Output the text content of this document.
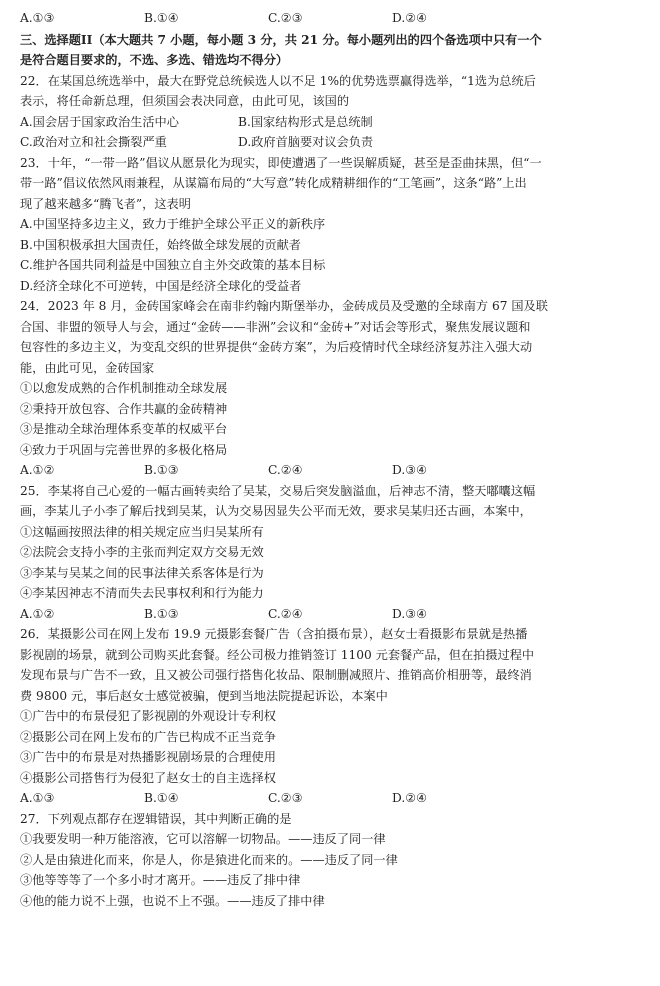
A.①③	B.①④	C.②③	D.②④
三、选择题II（本大题共 7 小题，每小题 3 分，共 21 分。每小题列出的四个备选项中只有一个
是符合题目要求的，不选、多选、错选均不得分）
22．在某国总统选举中，最大在野党总统候选人以不足 1%的优势选票赢得选举，“1选为总统后
表示，将任命新总理，但须国会表决同意，由此可见，该国的
A.国会居于国家政治生活中心	B.国家结构形式是总统制
C.政治对立和社会撕裂严重	D.政府首脑要对议会负责
23．十年，“一带一路”倡议从愿景化为现实，即使遭遇了一些误解质疑，甚至是歪曲抹黑，但“一
带一路”倡议依然风雨兼程，从谋篇布局的“大写意”转化成精耕细作的“工笔画”，这条“路”上出
现了越来越多“腾飞者”，这表明
A.中国坚持多边主义，致力于维护全球公平正义的新秩序
B.中国积极承担大国责任，始终做全球发展的贡献者
C.维护各国共同利益是中国独立自主外交政策的基本目标
D.经济全球化不可逆转，中国是经济全球化的受益者
24．2023 年 8 月，金砖国家峰会在南非约翰内斯堡举办，金砖成员及受邀的全球南方 67 国及联
合国、非盟的领导人与会，通过“金砖——非洲”会议和“金砖+”对话会等形式，聚焦发展议题和
包容性的多边主义，为变乱交织的世界提供“金砖方案”，为后疫情时代全球经济复苏注入强大动
能，由此可见，金砖国家
①以愈发成熟的合作机制推动全球发展
②秉持开放包容、合作共赢的金砖精神
③是推动全球治理体系变革的权威平台
④致力于巩固与完善世界的多极化格局
A.①②	B.①③	C.②④	D.③④
25．李某将自己心爱的一幅古画转卖给了吴某，交易后突发脑溢血，后神志不清，整天嘟囔这幅
画，李某儿子小李了解后找到吴某，认为交易因显失公平而无效，要求吴某归还古画，本案中，
①这幅画按照法律的相关规定应当归吴某所有
②法院会支持小李的主张而判定双方交易无效
③李某与吴某之间的民事法律关系客体是行为
④李某因神志不清而失去民事权利和行为能力
A.①②	B.①③	C.②④	D.③④
26．某摄影公司在网上发布 19.9 元摄影套餐广告（含拍摄布景），赵女士看摄影布景就是热播
影视剧的场景，就到公司购买此套餐。经公司极力推销签订 1100 元套餐产品，但在拍摄过程中
发现布景与广告不一致，且又被公司强行搭售化妆品、限制删减照片、推销高价相册等，最终消
费 9800 元，事后赵女士感觉被骗，便到当地法院提起诉讼，本案中
①广告中的布景侵犯了影视剧的外观设计专利权
②摄影公司在网上发布的广告已构成不正当竞争
③广告中的布景是对热播影视剧场景的合理使用
④摄影公司搭售行为侵犯了赵女士的自主选择权
A.①③	B.①④	C.②③	D.②④
27．下列观点都存在逻辑错误，其中判断正确的是
①我要发明一种万能溶液，它可以溶解一切物品。——违反了同一律
②人是由猿进化而来，你是人，你是猿进化而来的。——违反了同一律
③他等等等了一个多小时才离开。——违反了排中律
④他的能力说不上强，也说不上不强。——违反了排中律
